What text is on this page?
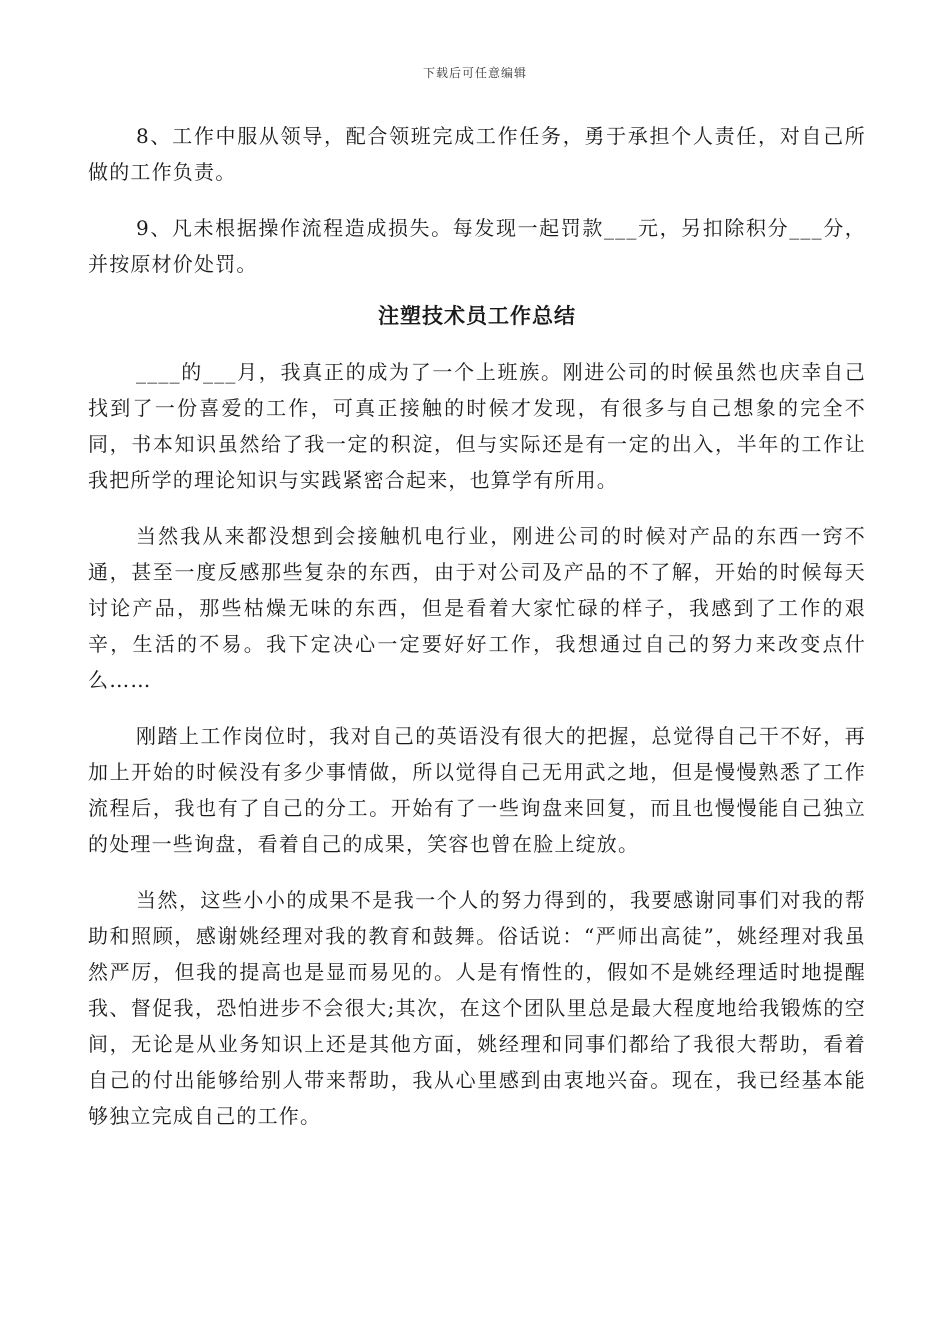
下载后可任意编辑

8、工作中服从领导，配合领班完成工作任务，勇于承担个人责任，对自己所做的工作负责。

9、凡未根据操作流程造成损失。每发现一起罚款___元，另扣除积分___分，并按原材价处罚。

注塑技术员工作总结

____的___月，我真正的成为了一个上班族。刚进公司的时候虽然也庆幸自己找到了一份喜爱的工作，可真正接触的时候才发现，有很多与自己想象的完全不同，书本知识虽然给了我一定的积淀，但与实际还是有一定的出入，半年的工作让我把所学的理论知识与实践紧密合起来，也算学有所用。

当然我从来都没想到会接触机电行业，刚进公司的时候对产品的东西一窍不通，甚至一度反感那些复杂的东西，由于对公司及产品的不了解，开始的时候每天讨论产品，那些枯燥无味的东西，但是看着大家忙碌的样子，我感到了工作的艰辛，生活的不易。我下定决心一定要好好工作，我想通过自己的努力来改变点什么……

刚踏上工作岗位时，我对自己的英语没有很大的把握，总觉得自己干不好，再加上开始的时候没有多少事情做，所以觉得自己无用武之地，但是慢慢熟悉了工作流程后，我也有了自己的分工。开始有了一些询盘来回复，而且也慢慢能自己独立的处理一些询盘，看着自己的成果，笑容也曾在脸上绽放。

当然，这些小小的成果不是我一个人的努力得到的，我要感谢同事们对我的帮助和照顾，感谢姚经理对我的教育和鼓舞。俗话说：“严师出高徒”，姚经理对我虽然严厉，但我的提高也是显而易见的。人是有惰性的，假如不是姚经理适时地提醒我、督促我，恐怕进步不会很大;其次，在这个团队里总是最大程度地给我锻炼的空间，无论是从业务知识上还是其他方面，姚经理和同事们都给了我很大帮助，看着自己的付出能够给别人带来帮助，我从心里感到由衷地兴奋。现在，我已经基本能够独立完成自己的工作。
